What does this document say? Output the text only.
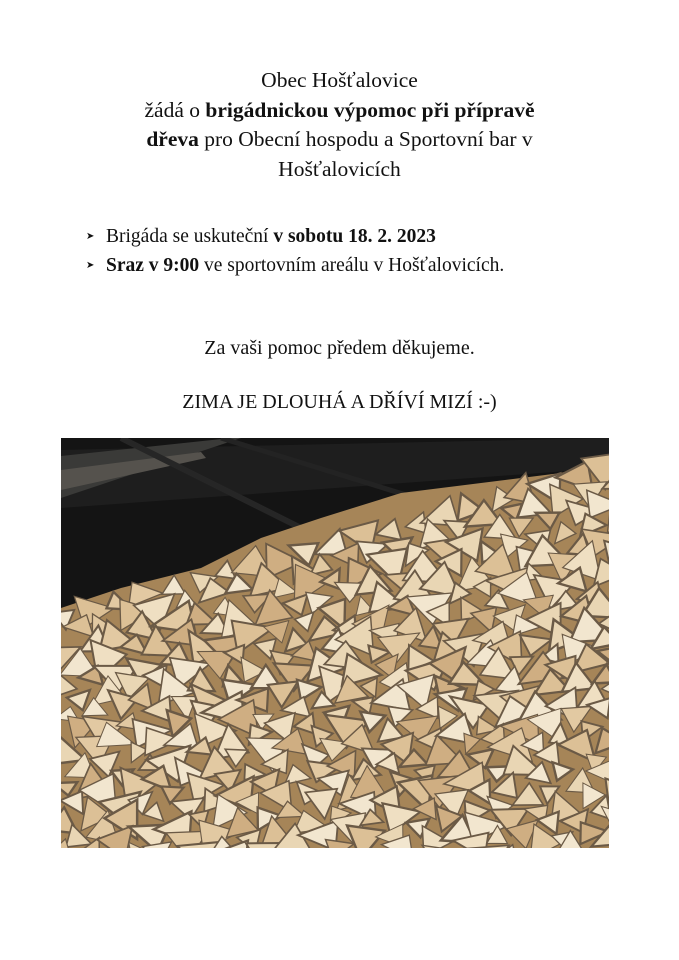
Obec Hošťalovice
žádá o brigádnickou výpomoc při přípravě
dřeva pro Obecní hospodu a Sportovní bar v
Hošťalovicích
➤ Brigáda se uskuteční v sobotu 18. 2. 2023
➤ Sraz v 9:00 ve sportovním areálu v Hošťalovicích.
Za vaši pomoc předem děkujeme.
ZIMA JE DLOUHÁ A DŘÍVÍ MIZÍ :-)
